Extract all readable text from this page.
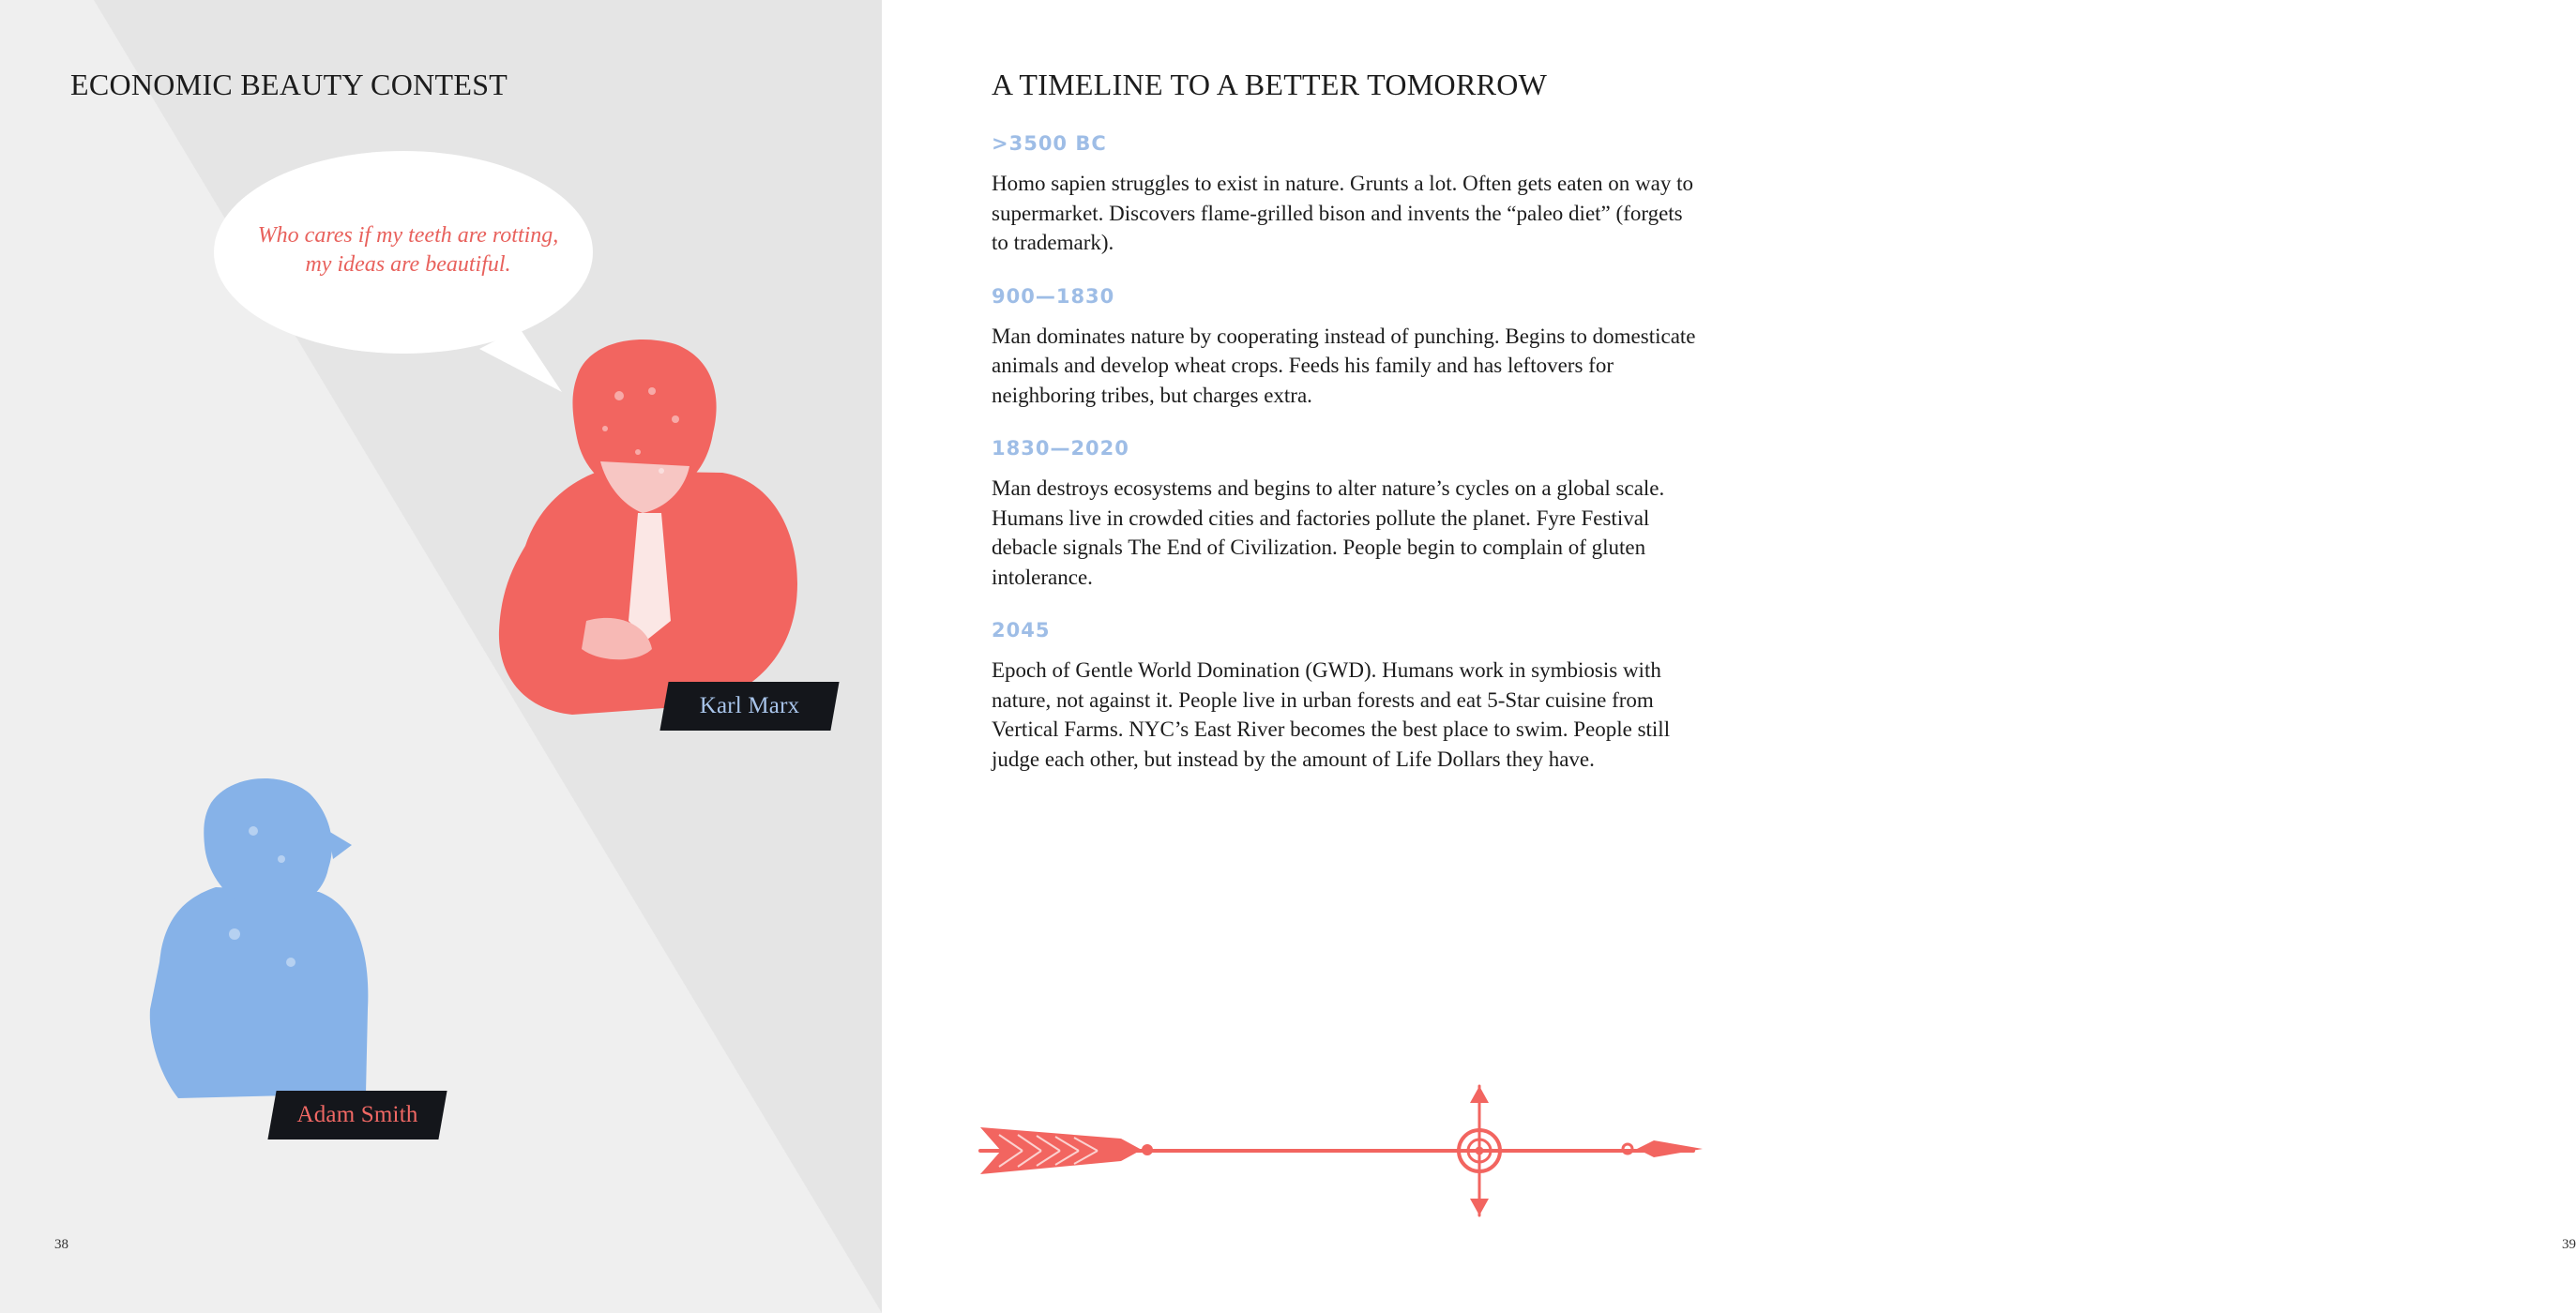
ECONOMIC BEAUTY CONTEST

Who cares if my teeth are rotting,
my ideas are beautiful.

Karl Marx
Adam Smith
38
A TIMELINE TO A BETTER TOMORROW
>3500 BC

Homo sapien struggles to exist in nature. Grunts a lot. Often gets eaten on way to supermarket. Discovers flame-grilled bison and invents the “paleo diet” (forgets to trademark).

900—1830

Man dominates nature by cooperating instead of punching. Begins to domesticate animals and develop wheat crops. Feeds his family and has leftovers for neighboring tribes, but charges extra.

1830—2020

Man destroys ecosystems and begins to alter nature’s cycles on a global scale. Humans live in crowded cities and factories pollute the planet. Fyre Festival debacle signals The End of Civilization. People begin to complain of gluten intolerance.

2045

Epoch of Gentle World Domination (GWD). Humans work in symbiosis with nature, not against it. People live in urban forests and eat 5-Star cuisine from Vertical Farms. NYC’s East River becomes the best place to swim. People still judge each other, but instead by the amount of Life Dollars they have.

39
